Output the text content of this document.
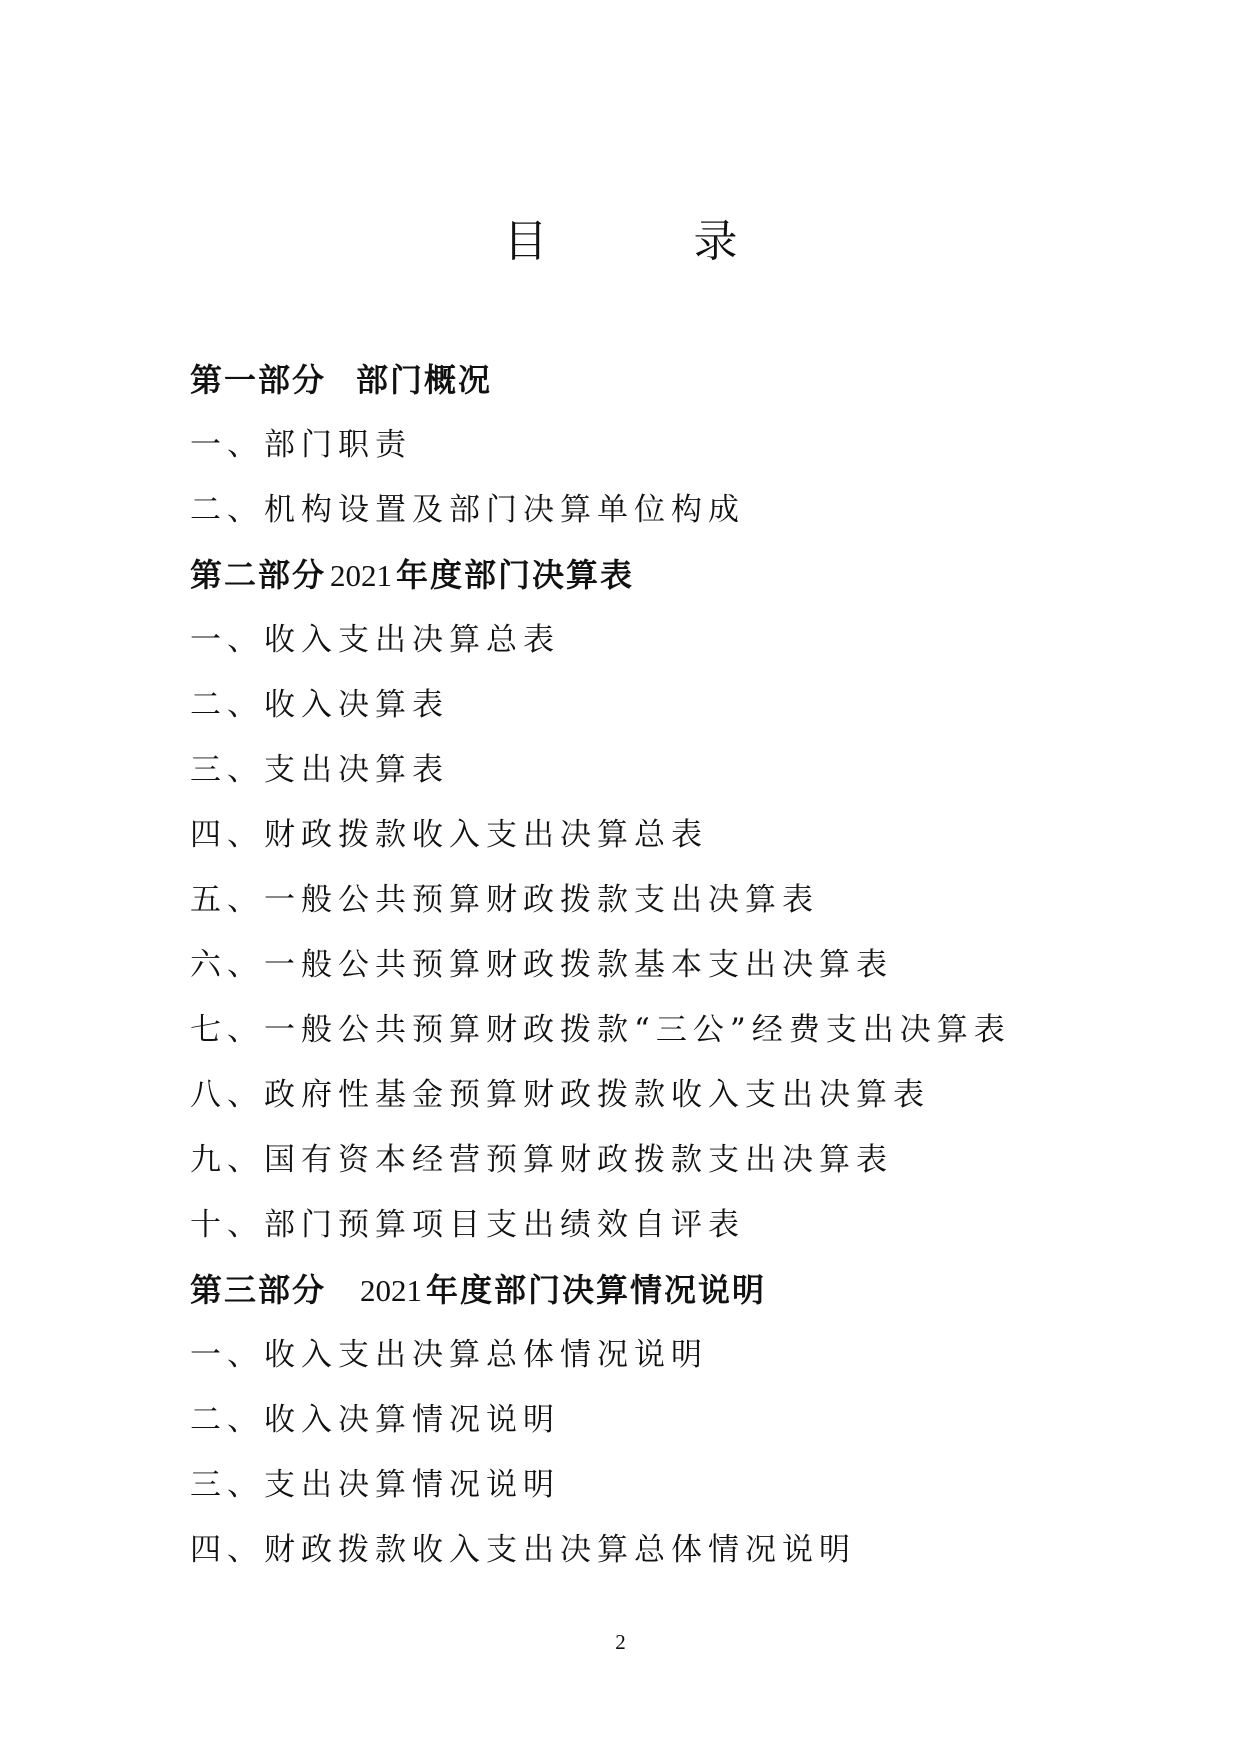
目 录
第一部分 部门概况
一、部门职责
二、机构设置及部门决算单位构成
第二部分 2021 年度部门决算表
一、收入支出决算总表
二、收入决算表
三、支出决算表
四、财政拨款收入支出决算总表
五、一般公共预算财政拨款支出决算表
六、一般公共预算财政拨款基本支出决算表
七、一般公共预算财政拨款“三公”经费支出决算表
八、政府性基金预算财政拨款收入支出决算表
九、国有资本经营预算财政拨款支出决算表
十、部门预算项目支出绩效自评表
第三部分 2021 年度部门决算情况说明
一、收入支出决算总体情况说明
二、收入决算情况说明
三、支出决算情况说明
四、财政拨款收入支出决算总体情况说明
2
